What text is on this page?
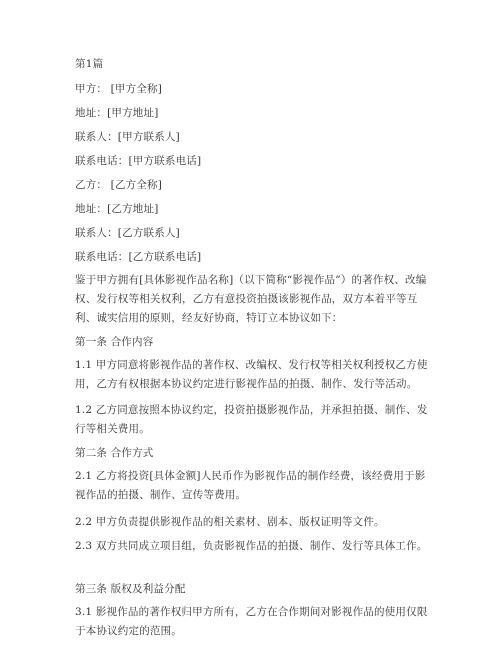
第1篇
甲方： [甲方全称]
地址：[甲方地址]
联系人：[甲方联系人]
联系电话：[甲方联系电话]
乙方： [乙方全称]
地址：[乙方地址]
联系人：[乙方联系人]
联系电话：[乙方联系电话]
鉴于甲方拥有[具体影视作品名称]（以下简称“影视作品”）的著作权、改编权、发行权等相关权利，乙方有意投资拍摄该影视作品，双方本着平等互利、诚实信用的原则，经友好协商，特订立本协议如下：
第一条 合作内容
1.1 甲方同意将影视作品的著作权、改编权、发行权等相关权利授权乙方使用，乙方有权根据本协议约定进行影视作品的拍摄、制作、发行等活动。
1.2 乙方同意按照本协议约定，投资拍摄影视作品，并承担拍摄、制作、发行等相关费用。
第二条 合作方式
2.1 乙方将投资[具体金额]人民币作为影视作品的制作经费，该经费用于影视作品的拍摄、制作、宣传等费用。
2.2 甲方负责提供影视作品的相关素材、剧本、版权证明等文件。
2.3 双方共同成立项目组，负责影视作品的拍摄、制作、发行等具体工作。
第三条 版权及利益分配
3.1 影视作品的著作权归甲方所有，乙方在合作期间对影视作品的使用仅限于本协议约定的范围。
